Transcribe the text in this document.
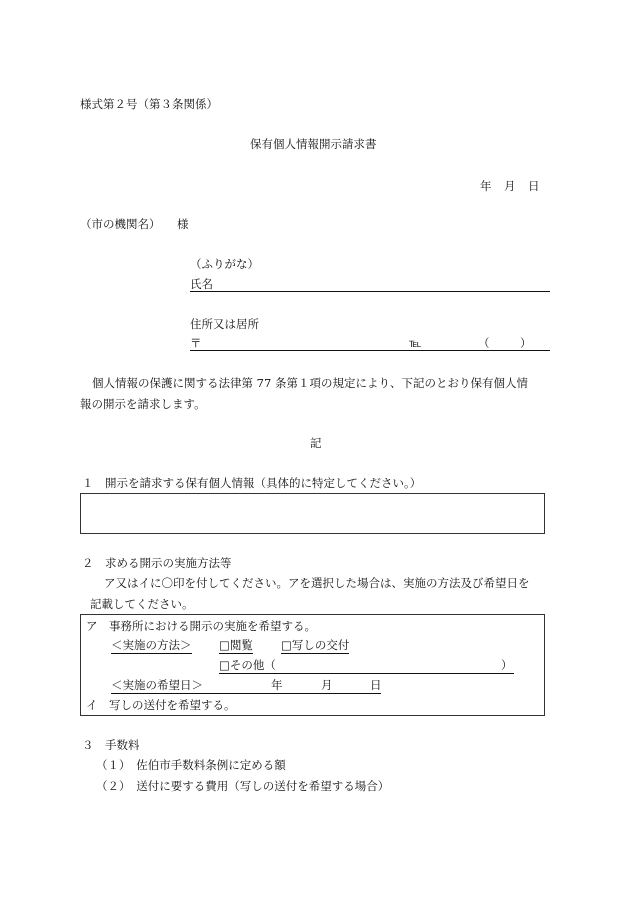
様式第２号（第３条関係）
保有個人情報開示請求書
年 月 日
（市の機関名） 様
（ふりがな）
氏名
住所又は居所
〒	℡	（	）
個人情報の保護に関する法律第 77 条第１項の規定により、下記のとおり保有個人情
報の開示を請求します。
記
１　開示を請求する保有個人情報（具体的に特定してください。）
２　求める開示の実施方法等
ア又はイに〇印を付してください。アを選択した場合は、実施の方法及び希望日を
記載してください。
ア　事務所における開示の実施を希望する。
＜実施の方法＞ □閲覧 □写しの交付
□その他（	）
＜実施の希望日＞	年	月	日
イ　写しの送付を希望する。
３　手数料
（１）　佐伯市手数料条例に定める額
（２）　送付に要する費用（写しの送付を希望する場合）
